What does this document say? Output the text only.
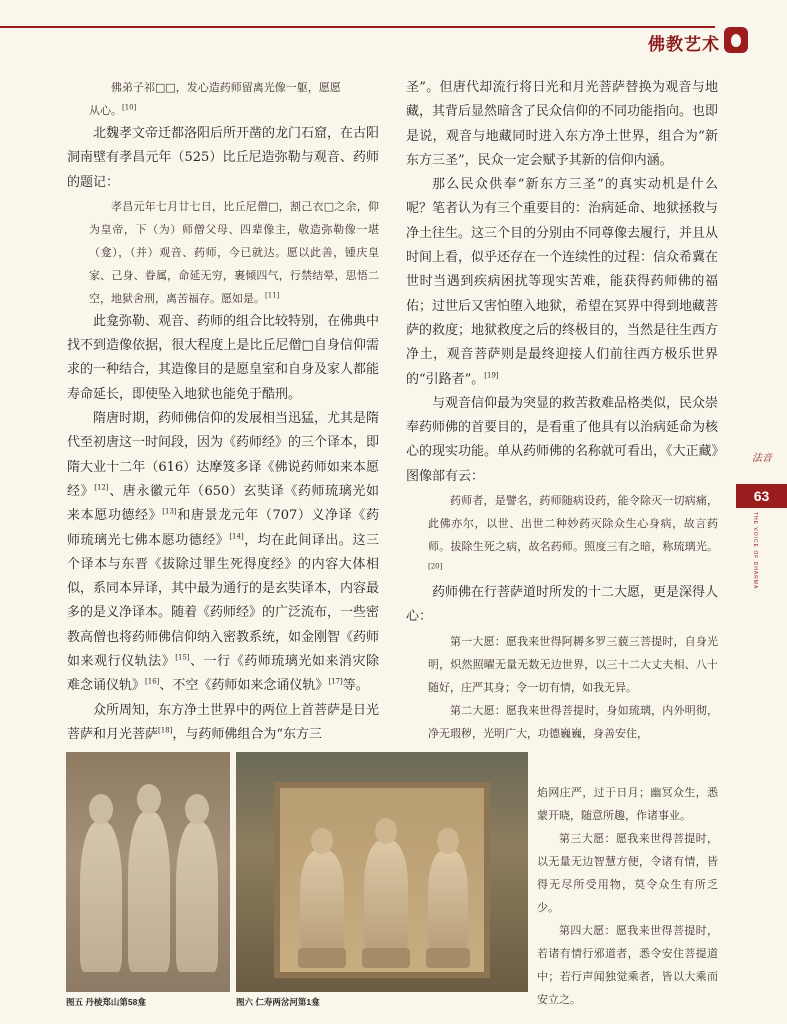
佛教艺术
法音
63
THE VOICE OF DHARMA

佛弟子祁□□，发心造药师留离光像一躯，愿愿

从心。[10]

北魏孝文帝迁都洛阳后所开凿的龙门石窟，在古阳洞南壁有孝昌元年（525）比丘尼造弥勒与观音、药师的题记：

孝昌元年七月廿七日，比丘尼僧□，割己衣□之余，仰为皇帝，下（为）师僧父母、四辈像主，敬造弥勒像一堪（龛），（并）观音、药师，今已就达。愿以此善，锺庆皇家、己身、眷属，命延无穷，裹倾四气，行禁结晕，思悟二空，地狱舍刑，离苦福存。愿如是。[11]

此龛弥勒、观音、药师的组合比较特别，在佛典中找不到造像依据，很大程度上是比丘尼僧□自身信仰需求的一种结合，其造像目的是愿皇室和自身及家人都能寿命延长，即使坠入地狱也能免于酷刑。

隋唐时期，药师佛信仰的发展相当迅猛，尤其是隋代至初唐这一时间段，因为《药师经》的三个译本，即隋大业十二年（616）达摩笈多译《佛说药师如来本愿经》[12]、唐永徽元年（650）玄奘译《药师琉璃光如来本愿功德经》[13]和唐景龙元年（707）义净译《药师琉璃光七佛本愿功德经》[14]，均在此间译出。这三个译本与东晋《拔除过罪生死得度经》的内容大体相似，系同本异译，其中最为通行的是玄奘译本，内容最多的是义净译本。随着《药师经》的广泛流布，一些密教高僧也将药师佛信仰纳入密教系统，如金刚智《药师如来观行仪轨法》[15]、一行《药师琉璃光如来消灾除难念诵仪轨》[16]、不空《药师如来念诵仪轨》[17]等。

众所周知，东方净土世界中的两位上首菩萨是日光菩萨和月光菩萨[18]，与药师佛组合为“东方三

圣”。但唐代却流行将日光和月光菩萨替换为观音与地藏，其背后显然暗含了民众信仰的不同功能指向。也即是说，观音与地藏同时进入东方净土世界，组合为“新东方三圣”，民众一定会赋予其新的信仰内涵。

那么民众供奉“新东方三圣”的真实动机是什么呢？笔者认为有三个重要目的：治病延命、地狱拯救与净土往生。这三个目的分别由不同尊像去履行，并且从时间上看，似乎还存在一个连续性的过程：信众希冀在世时当遇到疾病困扰等现实苦难，能获得药师佛的福佑；过世后又害怕堕入地狱，希望在冥界中得到地藏菩萨的救度；地狱救度之后的终极目的，当然是往生西方净土，观音菩萨则是最终迎接人们前往西方极乐世界的“引路者”。[19]

与观音信仰最为突显的救苦救难品格类似，民众崇奉药师佛的首要目的，是看重了他具有以治病延命为核心的现实功能。单从药师佛的名称就可看出，《大正藏》图像部有云：

药师者，是譬名，药师随病设药，能令除灭一切病痛，此佛亦尔，以世、出世二种妙药灭除众生心身病，故言药师。拔除生死之病，故名药师。照度三有之暗，称琉璃光。[20]

药师佛在行菩萨道时所发的十二大愿，更是深得人心：

第一大愿：愿我来世得阿耨多罗三藐三菩提时，自身光明，炽然照曜无量无数无边世界，以三十二大丈夫相、八十随好，庄严其身；令一切有情，如我无异。

第二大愿：愿我来世得菩提时，身如琉璃，内外明彻，净无瑕秽，光明广大，功德巍巍，身善安住，

焰网庄严，过于日月；幽冥众生，悉蒙开晓，随意所趣，作诸事业。

第三大愿：愿我来世得菩提时，以无量无边智慧方便，令诸有情，皆得无尽所受用物，莫令众生有所乏少。

第四大愿：愿我来世得菩提时，若诸有情行邪道者，悉令安住菩提道中；若行声闻独觉乘者，皆以大乘而安立之。

图五 丹棱郑山第58龛	图六 仁寿两岔河第1龛
